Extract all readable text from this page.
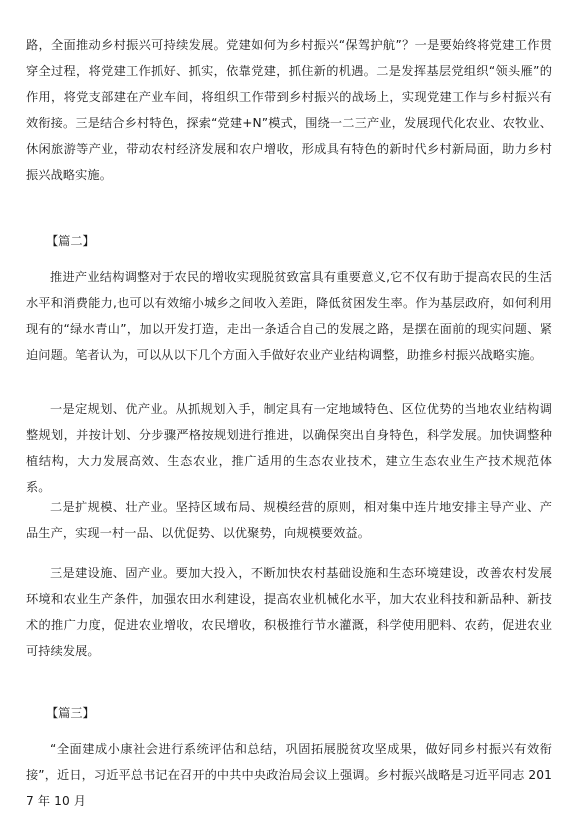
路，全面推动乡村振兴可持续发展。党建如何为乡村振兴“保驾护航”？一是要始终将党建工作贯穿全过程，将党建工作抓好、抓实，依靠党建，抓住新的机遇。二是发挥基层党组织“领头雁”的作用，将党支部建在产业车间，将组织工作带到乡村振兴的战场上，实现党建工作与乡村振兴有效衔接。三是结合乡村特色，探索“党建+N”模式，围绕一二三产业，发展现代化农业、农牧业、休闲旅游等产业，带动农村经济发展和农户增收，形成具有特色的新时代乡村新局面，助力乡村振兴战略实施。

【篇二】

推进产业结构调整对于农民的增收实现脱贫致富具有重要意义,它不仅有助于提高农民的生活水平和消费能力,也可以有效缩小城乡之间收入差距，降低贫困发生率。作为基层政府，如何利用现有的“绿水青山”，加以开发打造，走出一条适合自己的发展之路，是摆在面前的现实问题、紧迫问题。笔者认为，可以从以下几个方面入手做好农业产业结构调整，助推乡村振兴战略实施。

一是定规划、优产业。从抓规划入手，制定具有一定地域特色、区位优势的当地农业结构调整规划，并按计划、分步骤严格按规划进行推进，以确保突出自身特色，科学发展。加快调整种植结构，大力发展高效、生态农业，推广适用的生态农业技术，建立生态农业生产技术规范体系。

二是扩规模、壮产业。坚持区域布局、规模经营的原则，相对集中连片地安排主导产业、产品生产，实现一村一品、以优促势、以优聚势，向规模要效益。

三是建设施、固产业。要加大投入，不断加快农村基础设施和生态环境建设，改善农村发展环境和农业生产条件，加强农田水利建设，提高农业机械化水平，加大农业科技和新品种、新技术的推广力度，促进农业增收，农民增收，积极推行节水灌溉，科学使用肥料、农药，促进农业可持续发展。

【篇三】

“全面建成小康社会进行系统评估和总结，巩固拓展脱贫攻坚成果，做好同乡村振兴有效衔接”，近日，习近平总书记在召开的中共中央政治局会议上强调。乡村振兴战略是习近平同志 2017 年 10 月
